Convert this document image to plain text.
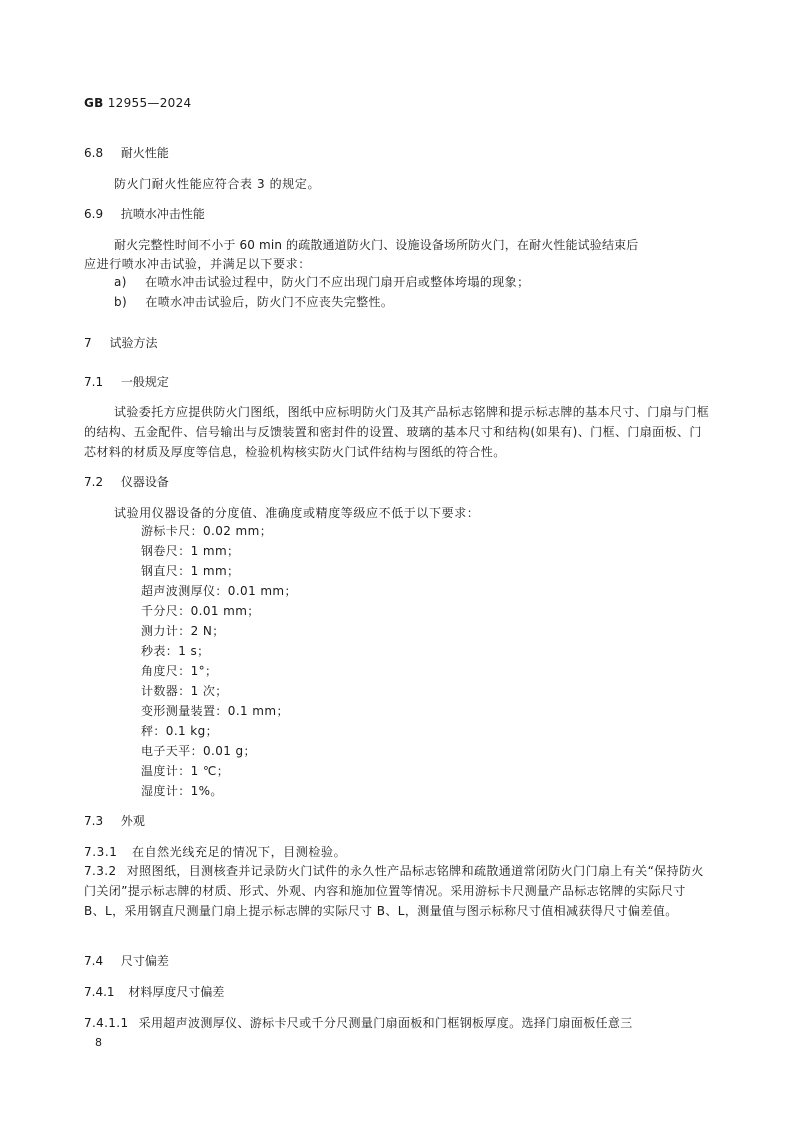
GB 12955—2024
6.8 耐火性能
防火门耐火性能应符合表 3 的规定。
6.9 抗喷水冲击性能
耐火完整性时间不小于 60 min 的疏散通道防火门、设施设备场所防火门，在耐火性能试验结束后
应进行喷水冲击试验，并满足以下要求：
a) 在喷水冲击试验过程中，防火门不应出现门扇开启或整体垮塌的现象；
b) 在喷水冲击试验后，防火门不应丧失完整性。
7 试验方法
7.1 一般规定
试验委托方应提供防火门图纸，图纸中应标明防火门及其产品标志铭牌和提示标志牌的基本尺寸、门扇与门框的结构、五金配件、信号输出与反馈装置和密封件的设置、玻璃的基本尺寸和结构(如果有)、门框、门扇面板、门芯材料的材质及厚度等信息，检验机构核实防火门试件结构与图纸的符合性。
7.2 仪器设备
试验用仪器设备的分度值、准确度或精度等级应不低于以下要求：
游标卡尺：0.02 mm；
钢卷尺：1 mm；
钢直尺：1 mm；
超声波测厚仪：0.01 mm；
千分尺：0.01 mm；
测力计：2 N；
秒表：1 s；
角度尺：1°；
计数器：1 次；
变形测量装置：0.1 mm；
秤：0.1 kg；
电子天平：0.01 g；
温度计：1 ℃；
湿度计：1%。
7.3 外观
7.3.1 在自然光线充足的情况下，目测检验。
7.3.2 对照图纸，目测核查并记录防火门试件的永久性产品标志铭牌和疏散通道常闭防火门门扇上有关“保持防火门关闭”提示标志牌的材质、形式、外观、内容和施加位置等情况。采用游标卡尺测量产品标志铭牌的实际尺寸 B、L，采用钢直尺测量门扇上提示标志牌的实际尺寸 B、L，测量值与图示标称尺寸值相减获得尺寸偏差值。
7.4 尺寸偏差
7.4.1 材料厚度尺寸偏差
7.4.1.1 采用超声波测厚仪、游标卡尺或千分尺测量门扇面板和门框钢板厚度。选择门扇面板任意三
8
